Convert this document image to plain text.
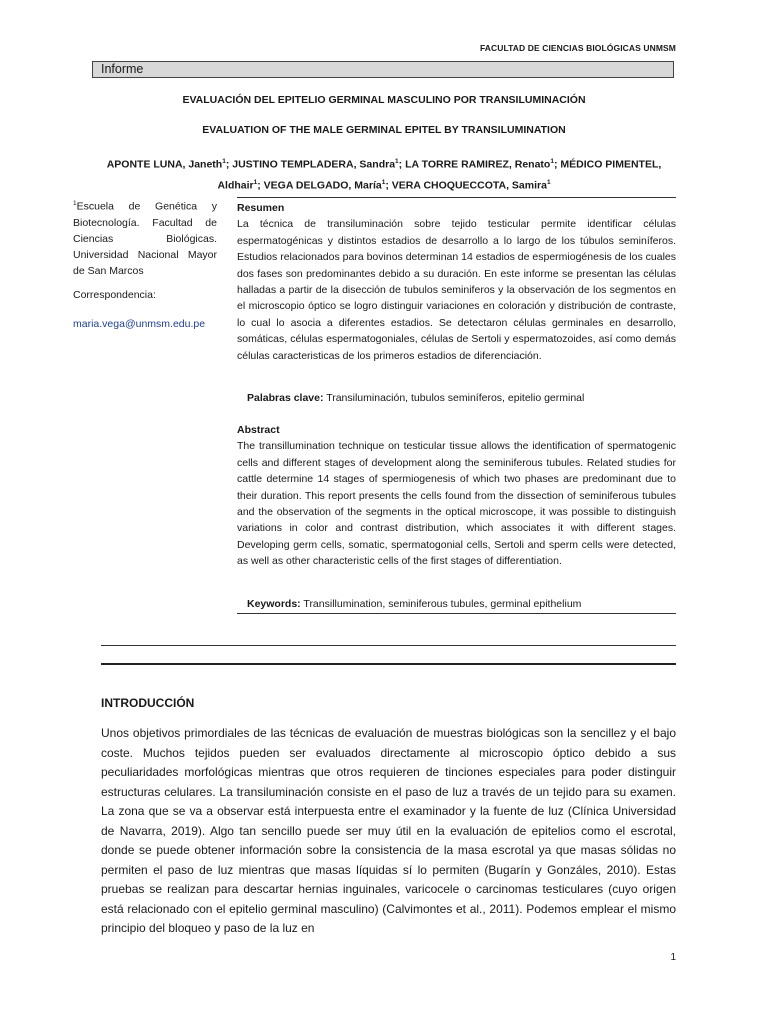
FACULTAD DE CIENCIAS BIOLÓGICAS UNMSM
Informe
EVALUACIÓN DEL EPITELIO GERMINAL MASCULINO POR TRANSILUMINACIÓN
EVALUATION OF THE MALE GERMINAL EPITEL BY TRANSILUMINATION
APONTE LUNA, Janeth$^1$; JUSTINO TEMPLADERA, Sandra$^1$; LA TORRE RAMIREZ, Renato$^1$; MÉDICO PIMENTEL,
Aldhair$^1$; VEGA DELGADO, María$^1$; VERA CHOQUECCOTA, Samira$^1$
$^1$Escuela de Genética y Biotecnología. Facultad de Ciencias Biológicas. Universidad Nacional Mayor de San Marcos
Correspondencia:
maria.vega@unmsm.edu.pe
Resumen
La técnica de transiluminación sobre tejido testicular permite identificar células espermatogénicas y distintos estadios de desarrollo a lo largo de los túbulos seminíferos. Estudios relacionados para bovinos determinan 14 estadios de espermiogénesis de los cuales dos fases son predominantes debido a su duración. En este informe se presentan las células halladas a partir de la disección de tubulos seminiferos y la observación de los segmentos en el microscopio óptico se logro distinguir variaciones en coloración y distribución de contraste, lo cual lo asocia a diferentes estadios. Se detectaron células germinales en desarrollo, somáticas, células espermatogoniales, células de Sertoli y espermatozoides, así como demás células caracteristicas de los primeros estadios de diferenciación.
Palabras clave: Transiluminación, tubulos seminíferos, epitelio germinal
Abstract
The transillumination technique on testicular tissue allows the identification of spermatogenic cells and different stages of development along the seminiferous tubules. Related studies for cattle determine 14 stages of spermiogenesis of which two phases are predominant due to their duration. This report presents the cells found from the dissection of seminiferous tubules and the observation of the segments in the optical microscope, it was possible to distinguish variations in color and contrast distribution, which associates it with different stages. Developing germ cells, somatic, spermatogonial cells, Sertoli and sperm cells were detected, as well as other characteristic cells of the first stages of differentiation.
Keywords: Transillumination, seminiferous tubules, germinal epithelium
INTRODUCCIÓN
Unos objetivos primordiales de las técnicas de evaluación de muestras biológicas son la sencillez y el bajo coste. Muchos tejidos pueden ser evaluados directamente al microscopio óptico debido a sus peculiaridades morfológicas mientras que otros requieren de tinciones especiales para poder distinguir estructuras celulares. La transiluminación consiste en el paso de luz a través de un tejido para su examen. La zona que se va a observar está interpuesta entre el examinador y la fuente de luz (Clínica Universidad de Navarra, 2019). Algo tan sencillo puede ser muy útil en la evaluación de epitelios como el escrotal, donde se puede obtener información sobre la consistencia de la masa escrotal ya que masas sólidas no permiten el paso de luz mientras que masas líquidas sí lo permiten (Bugarín y Gonzáles, 2010). Estas pruebas se realizan para descartar hernias inguinales, varicocele o carcinomas testiculares (cuyo origen está relacionado con el epitelio germinal masculino) (Calvimontes et al., 2011). Podemos emplear el mismo principio del bloqueo y paso de la luz en
1
